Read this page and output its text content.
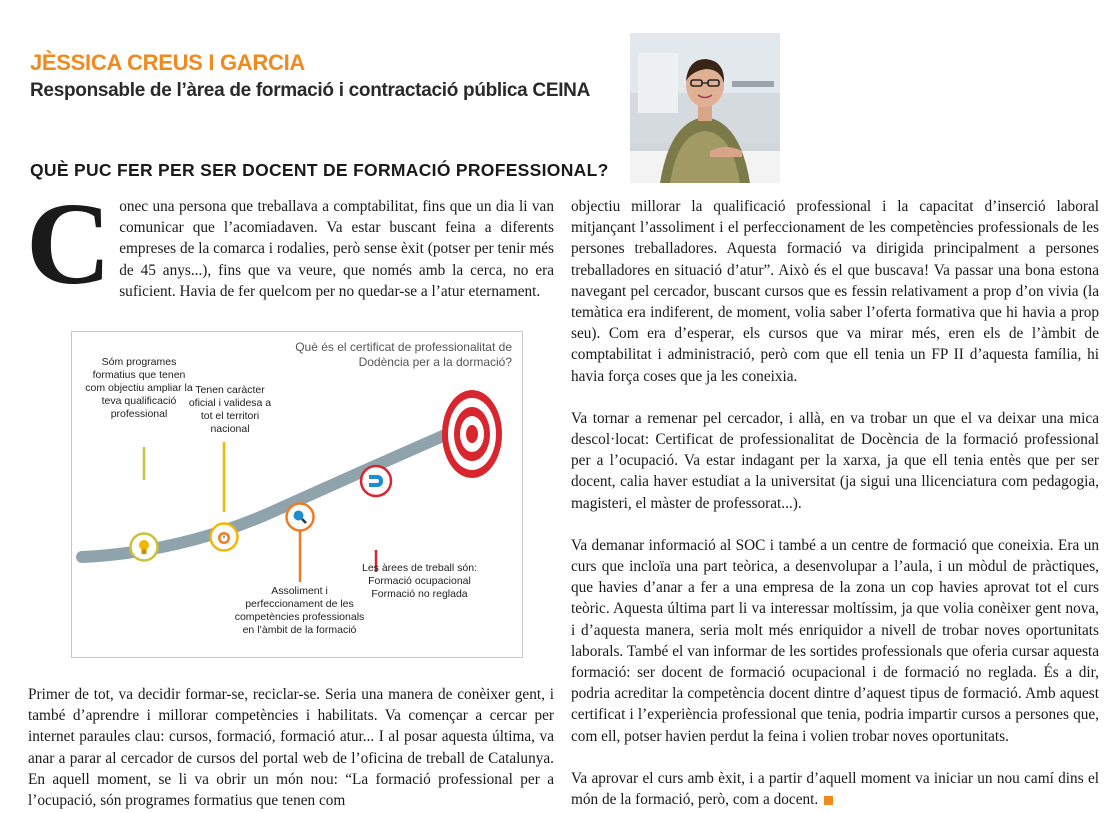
JÈSSICA CREUS I GARCIA
Responsable de l’àrea de formació i contractació pública CEINA
QUÈ PUC FER PER SER DOCENT DE FORMACIÓ PROFESSIONAL?
C onec una persona que treballava a comptabilitat, fins que un dia li van comunicar que l’acomiadaven. Va estar buscant feina a diferents empreses de la comarca i rodalies, però sense èxit (potser per tenir més de 45 anys...), fins que va veure, que només amb la cerca, no era suficient. Havia de fer quelcom per no quedar-se a l’atur eternament.

Què és el certificat de professionalitat de Dodència per a la dormació?
Sóm programes formatius que tenen com objectiu ampliar la teva qualificació professional
Tenen caràcter oficial i validesa a tot el territori nacional
Assoliment i perfeccionament de les competències professionals en l’àmbit de la formació
Les àrees de treball són: Formació ocupacional Formació no reglada

Primer de tot, va decidir formar-se, reciclar-se. Seria una manera de conèixer gent, i també d’aprendre i millorar competències i habilitats. Va començar a cercar per internet paraules clau: cursos, formació, formació atur... I al posar aquesta última, va anar a parar al cercador de cursos del portal web de l’oficina de treball de Catalunya. En aquell moment, se li va obrir un món nou: “La formació professional per a l’ocupació, són programes formatius que tenen com

objectiu millorar la qualificació professional i la capacitat d’inserció laboral mitjançant l’assoliment i el perfeccionament de les competències professionals de les persones treballadores. Aquesta formació va dirigida principalment a persones treballadores en situació d’atur”. Això és el que buscava! Va passar una bona estona navegant pel cercador, buscant cursos que es fessin relativament a prop d’on vivia (la temàtica era indiferent, de moment, volia saber l’oferta formativa que hi havia a prop seu). Com era d’esperar, els cursos que va mirar més, eren els de l’àmbit de comptabilitat i administració, però com que ell tenia un FP II d’aquesta família, hi havia força coses que ja les coneixia.

Va tornar a remenar pel cercador, i allà, en va trobar un que el va deixar una mica descol·locat: Certificat de professionalitat de Docència de la formació professional per a l’ocupació. Va estar indagant per la xarxa, ja que ell tenia entès que per ser docent, calia haver estudiat a la universitat (ja sigui una llicenciatura com pedagogia, magisteri, el màster de professorat...).

Va demanar informació al SOC i també a un centre de formació que coneixia. Era un curs que incloïa una part teòrica, a desenvolupar a l’aula, i un mòdul de pràctiques, que havies d’anar a fer a una empresa de la zona un cop havies aprovat tot el curs teòric. Aquesta última part li va interessar moltíssim, ja que volia conèixer gent nova, i d’aquesta manera, seria molt més enriquidor a nivell de trobar noves oportunitats laborals. També el van informar de les sortides professionals que oferia cursar aquesta formació: ser docent de formació ocupacional i de formació no reglada. És a dir, podria acreditar la competència docent dintre d’aquest tipus de formació. Amb aquest certificat i l’experiència professional que tenia, podria impartir cursos a persones que, com ell, potser havien perdut la feina i volien trobar noves oportunitats.

Va aprovar el curs amb èxit, i a partir d’aquell moment va iniciar un nou camí dins el món de la formació, però, com a docent.
